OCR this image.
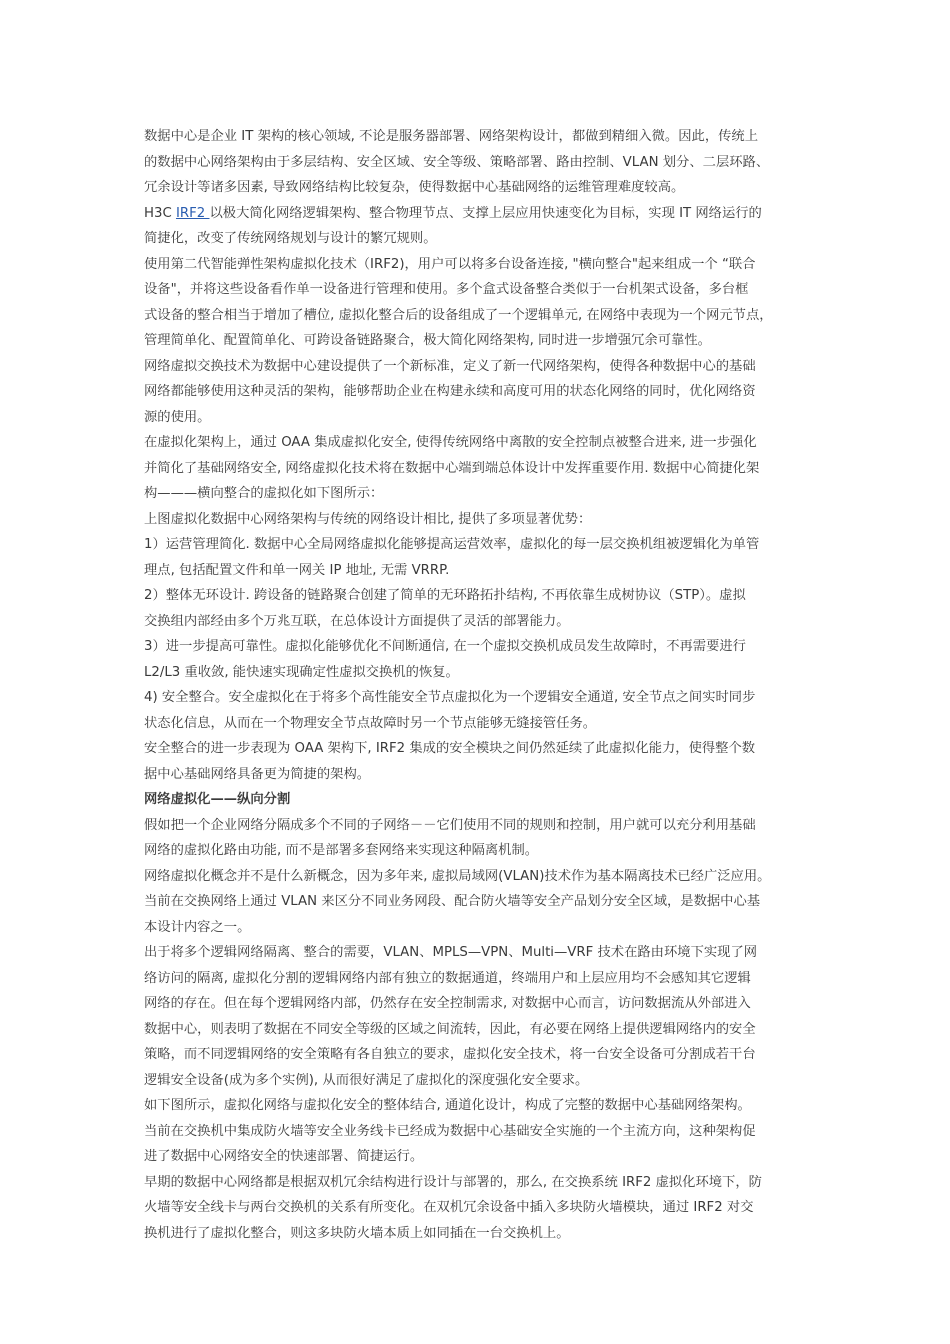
数据中心是企业 IT 架构的核心领域, 不论是服务器部署、网络架构设计，都做到精细入微。因此，传统上
的数据中心网络架构由于多层结构、安全区域、安全等级、策略部署、路由控制、VLAN 划分、二层环路、
冗余设计等诸多因素, 导致网络结构比较复杂，使得数据中心基础网络的运维管理难度较高。
H3C IRF2 以极大简化网络逻辑架构、整合物理节点、支撑上层应用快速变化为目标，实现 IT 网络运行的
简捷化，改变了传统网络规划与设计的繁冗规则。
使用第二代智能弹性架构虚拟化技术（IRF2)，用户可以将多台设备连接, "横向整合"起来组成一个 “联合
设备"，并将这些设备看作单一设备进行管理和使用。多个盒式设备整合类似于一台机架式设备，多台框
式设备的整合相当于增加了槽位, 虚拟化整合后的设备组成了一个逻辑单元, 在网络中表现为一个网元节点，
管理简单化、配置简单化、可跨设备链路聚合，极大简化网络架构, 同时进一步增强冗余可靠性。
网络虚拟交换技术为数据中心建设提供了一个新标准，定义了新一代网络架构，使得各种数据中心的基础
网络都能够使用这种灵活的架构，能够帮助企业在构建永续和高度可用的状态化网络的同时，优化网络资
源的使用。
在虚拟化架构上，通过 OAA 集成虚拟化安全, 使得传统网络中离散的安全控制点被整合进来, 进一步强化
并简化了基础网络安全, 网络虚拟化技术将在数据中心端到端总体设计中发挥重要作用. 数据中心简捷化架
构———横向整合的虚拟化如下图所示：
上图虚拟化数据中心网络架构与传统的网络设计相比, 提供了多项显著优势：
1）运营管理简化. 数据中心全局网络虚拟化能够提高运营效率，虚拟化的每一层交换机组被逻辑化为单管
理点, 包括配置文件和单一网关 IP 地址, 无需 VRRP.
2）整体无环设计. 跨设备的链路聚合创建了简单的无环路拓扑结构, 不再依靠生成树协议（STP）。虚拟
交换组内部经由多个万兆互联，在总体设计方面提供了灵活的部署能力。
3）进一步提高可靠性。虚拟化能够优化不间断通信, 在一个虚拟交换机成员发生故障时，不再需要进行
L2/L3 重收敛, 能快速实现确定性虚拟交换机的恢复。
4) 安全整合。安全虚拟化在于将多个高性能安全节点虚拟化为一个逻辑安全通道, 安全节点之间实时同步
状态化信息，从而在一个物理安全节点故障时另一个节点能够无缝接管任务。
安全整合的进一步表现为 OAA 架构下, IRF2 集成的安全模块之间仍然延续了此虚拟化能力，使得整个数
据中心基础网络具备更为简捷的架构。
网络虚拟化——纵向分割
假如把一个企业网络分隔成多个不同的子网络－－它们使用不同的规则和控制，用户就可以充分利用基础
网络的虚拟化路由功能, 而不是部署多套网络来实现这种隔离机制。
网络虚拟化概念并不是什么新概念，因为多年来, 虚拟局域网(VLAN)技术作为基本隔离技术已经广泛应用。
当前在交换网络上通过 VLAN 来区分不同业务网段、配合防火墙等安全产品划分安全区域，是数据中心基
本设计内容之一。
出于将多个逻辑网络隔离、整合的需要，VLAN、MPLS—VPN、Multi—VRF 技术在路由环境下实现了网
络访问的隔离, 虚拟化分割的逻辑网络内部有独立的数据通道，终端用户和上层应用均不会感知其它逻辑
网络的存在。但在每个逻辑网络内部，仍然存在安全控制需求, 对数据中心而言，访问数据流从外部进入
数据中心，则表明了数据在不同安全等级的区域之间流转，因此，有必要在网络上提供逻辑网络内的安全
策略，而不同逻辑网络的安全策略有各自独立的要求，虚拟化安全技术，将一台安全设备可分割成若干台
逻辑安全设备(成为多个实例), 从而很好满足了虚拟化的深度强化安全要求。
如下图所示，虚拟化网络与虚拟化安全的整体结合, 通道化设计，构成了完整的数据中心基础网络架构。
当前在交换机中集成防火墙等安全业务线卡已经成为数据中心基础安全实施的一个主流方向，这种架构促
进了数据中心网络安全的快速部署、简捷运行。
早期的数据中心网络都是根据双机冗余结构进行设计与部署的，那么, 在交换系统 IRF2 虚拟化环境下，防
火墙等安全线卡与两台交换机的关系有所变化。在双机冗余设备中插入多块防火墙模块，通过 IRF2 对交
换机进行了虚拟化整合，则这多块防火墙本质上如同插在一台交换机上。
